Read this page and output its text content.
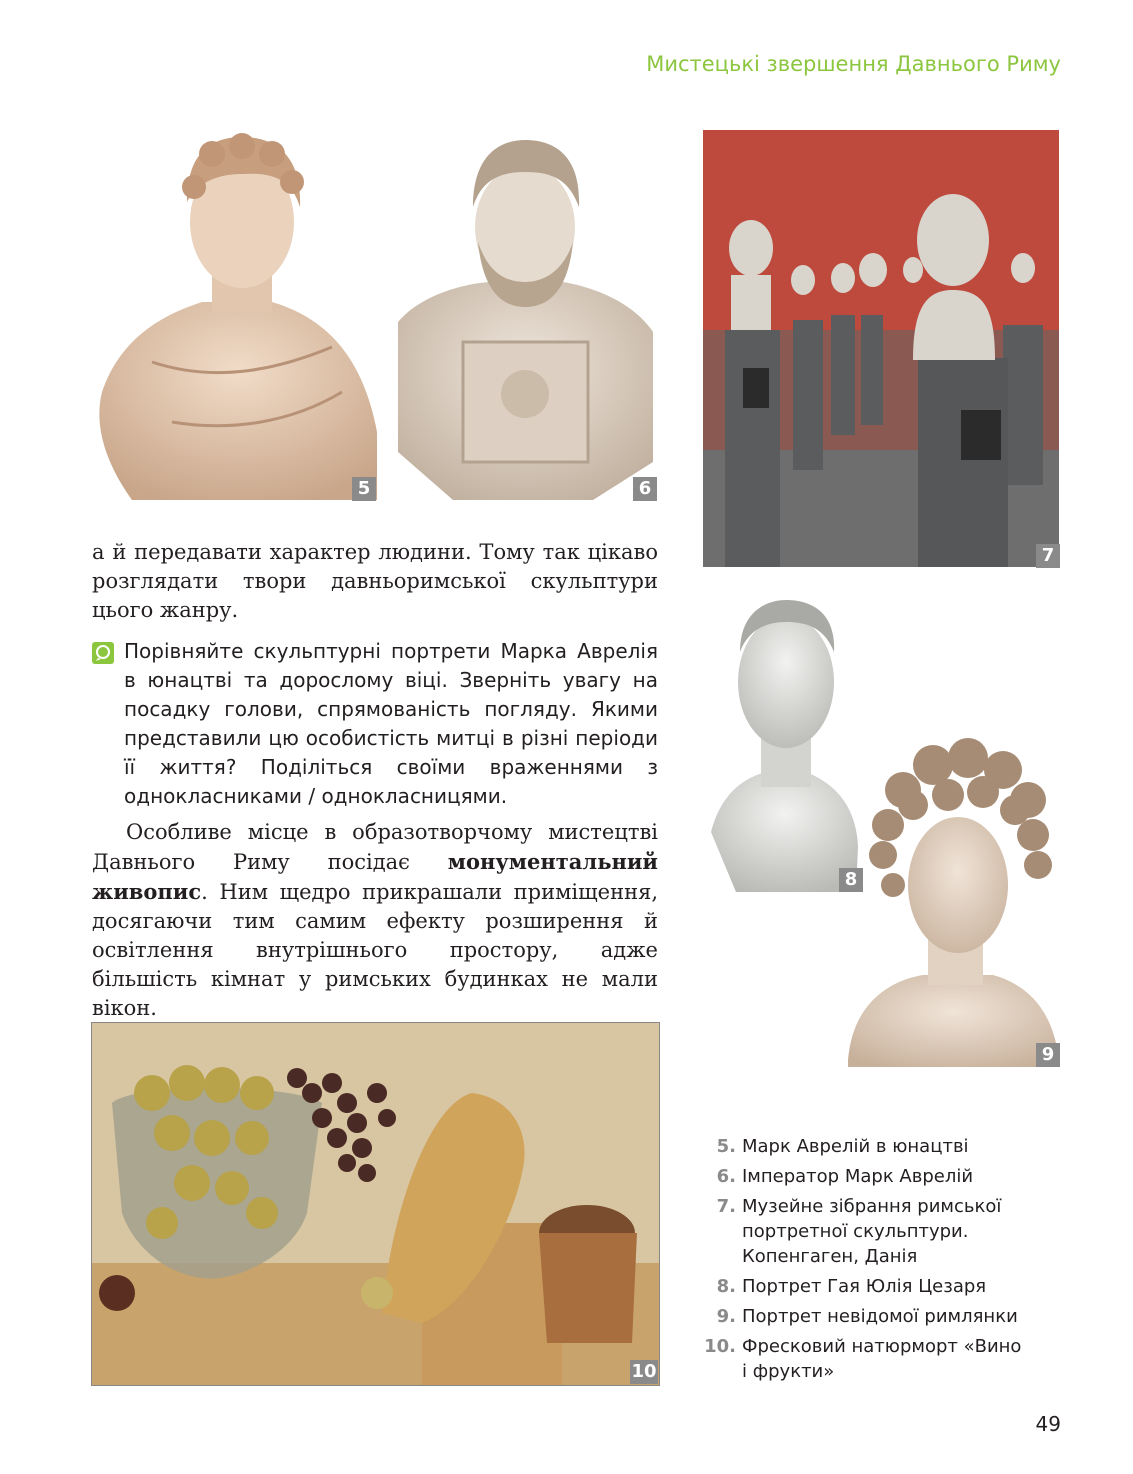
Мистецькі звершення Давнього Риму
5	6
7
8
9
а й передавати характер людини. Тому так цікаво розглядати твори давньоримської скульптури цього жанру.
Порівняйте скульптурні портрети Марка Аврелія в юнацтві та дорослому віці. Зверніть увагу на посадку голови, спрямованість погляду. Якими представили цю особистість митці в різні періоди її життя? Поділіться своїми враженнями з однокласниками / однокласницями.
Особливе місце в образотворчому мистецтві Давнього Риму посідає монументальний живопис. Ним щедро прикрашали приміщення, досягаючи тим самим ефекту розширення й освітлення внутрішнього простору, адже більшість кімнат у римських будинках не мали вікон.
10
5. Марк Аврелій в юнацтві
6. Імператор Марк Аврелій
7. Музейне зібрання римської портретної скульптури. Копенгаген, Данія
8. Портрет Гая Юлія Цезаря
9. Портрет невідомої римлянки
10. Фресковий натюрморт «Вино і фрукти»
49
